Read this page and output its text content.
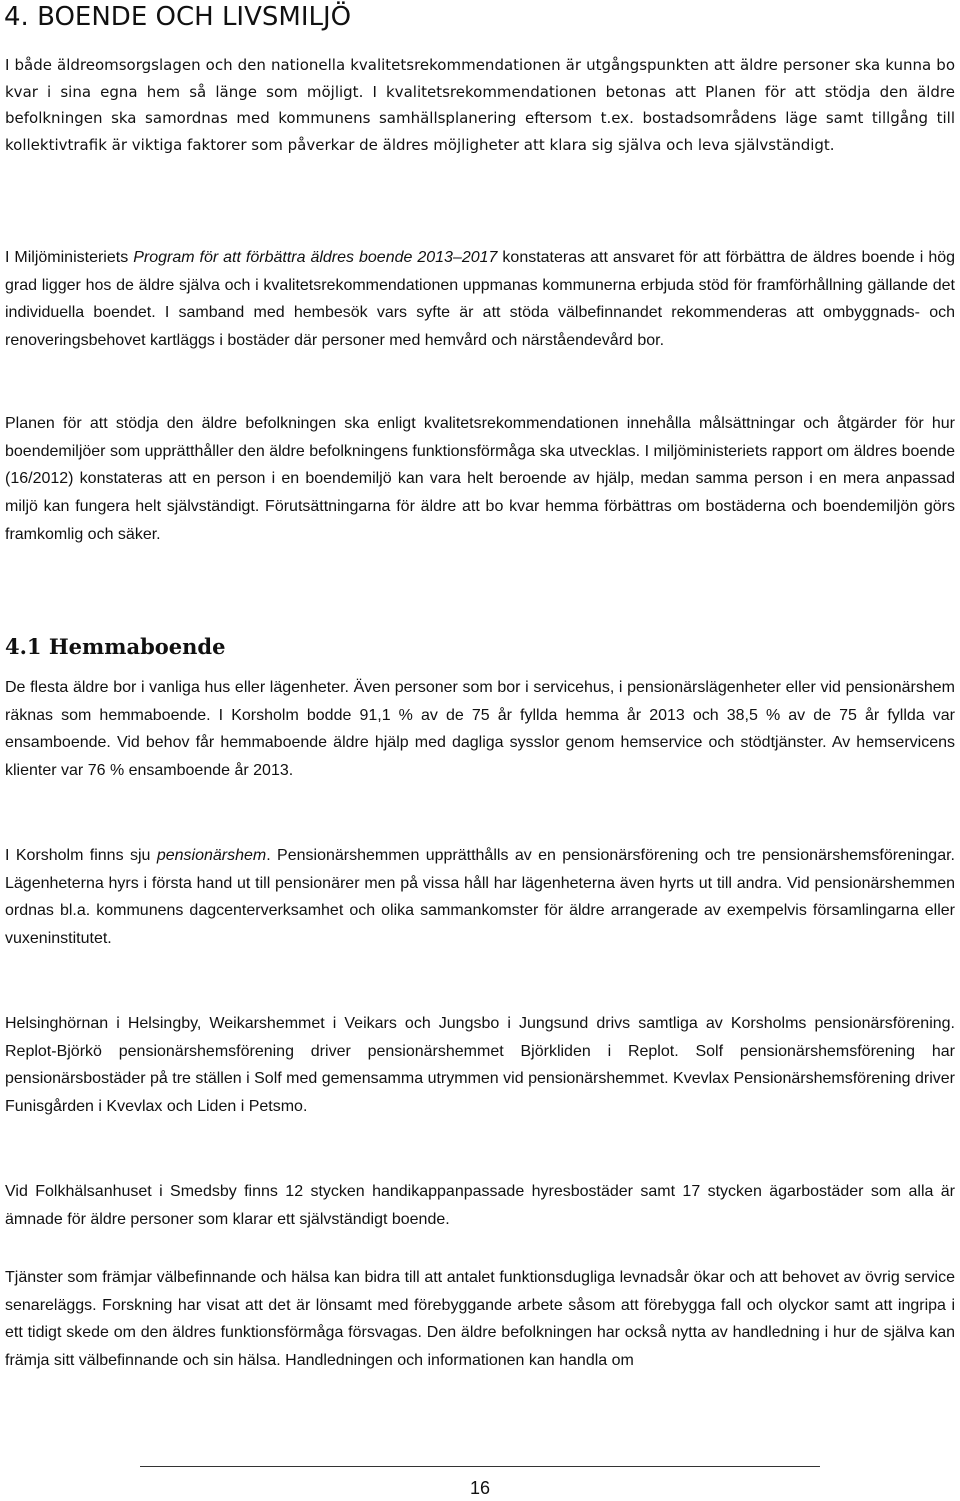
4. BOENDE OCH LIVSMILJÖ

I både äldreomsorgslagen och den nationella kvalitetsrekommendationen är utgångspunkten att äldre personer ska kunna bo kvar i sina egna hem så länge som möjligt. I kvalitetsrekommendationen betonas att Planen för att stödja den äldre befolkningen ska samordnas med kommunens samhällsplanering eftersom t.ex. bostadsområdens läge samt tillgång till kollektivtrafik är viktiga faktorer som påverkar de äldres möjligheter att klara sig själva och leva självständigt.

I Miljöministeriets Program för att förbättra äldres boende 2013–2017 konstateras att ansvaret för att förbättra de äldres boende i hög grad ligger hos de äldre själva och i kvalitetsrekommendationen uppmanas kommunerna erbjuda stöd för framförhållning gällande det individuella boendet. I samband med hembesök vars syfte är att stöda välbefinnandet rekommenderas att ombyggnads- och renoveringsbehovet kartläggs i bostäder där personer med hemvård och närståendevård bor.

Planen för att stödja den äldre befolkningen ska enligt kvalitetsrekommendationen innehålla målsättningar och åtgärder för hur boendemiljöer som upprätthåller den äldre befolkningens funktionsförmåga ska utvecklas. I miljöministeriets rapport om äldres boende (16/2012) konstateras att en person i en boendemiljö kan vara helt beroende av hjälp, medan samma person i en mera anpassad miljö kan fungera helt självständigt. Förutsättningarna för äldre att bo kvar hemma förbättras om bostäderna och boendemiljön görs framkomlig och säker.

4.1 Hemmaboende

De flesta äldre bor i vanliga hus eller lägenheter. Även personer som bor i servicehus, i pensionärslägenheter eller vid pensionärshem räknas som hemmaboende. I Korsholm bodde 91,1 % av de 75 år fyllda hemma år 2013 och 38,5 % av de 75 år fyllda var ensamboende. Vid behov får hemmaboende äldre hjälp med dagliga sysslor genom hemservice och stödtjänster. Av hemservicens klienter var 76 % ensamboende år 2013.

I Korsholm finns sju pensionärshem. Pensionärshemmen upprätthålls av en pensionärsförening och tre pensionärshemsföreningar. Lägenheterna hyrs i första hand ut till pensionärer men på vissa håll har lägenheterna även hyrts ut till andra. Vid pensionärshemmen ordnas bl.a. kommunens dagcenterverksamhet och olika sammankomster för äldre arrangerade av exempelvis församlingarna eller vuxeninstitutet.

Helsinghörnan i Helsingby, Weikarshemmet i Veikars och Jungsbo i Jungsund drivs samtliga av Korsholms pensionärsförening. Replot-Björkö pensionärshemsförening driver pensionärshemmet Björkliden i Replot. Solf pensionärshemsförening har pensionärsbostäder på tre ställen i Solf med gemensamma utrymmen vid pensionärshemmet. Kvevlax Pensionärshemsförening driver Funisgården i Kvevlax och Liden i Petsmo.

Vid Folkhälsanhuset i Smedsby finns 12 stycken handikappanpassade hyresbostäder samt 17 stycken ägarbostäder som alla är ämnade för äldre personer som klarar ett självständigt boende.

Tjänster som främjar välbefinnande och hälsa kan bidra till att antalet funktionsdugliga levnadsår ökar och att behovet av övrig service senareläggs. Forskning har visat att det är lönsamt med förebyggande arbete såsom att förebygga fall och olyckor samt att ingripa i ett tidigt skede om den äldres funktionsförmåga försvagas. Den äldre befolkningen har också nytta av handledning i hur de själva kan främja sitt välbefinnande och sin hälsa. Handledningen och informationen kan handla om

16
